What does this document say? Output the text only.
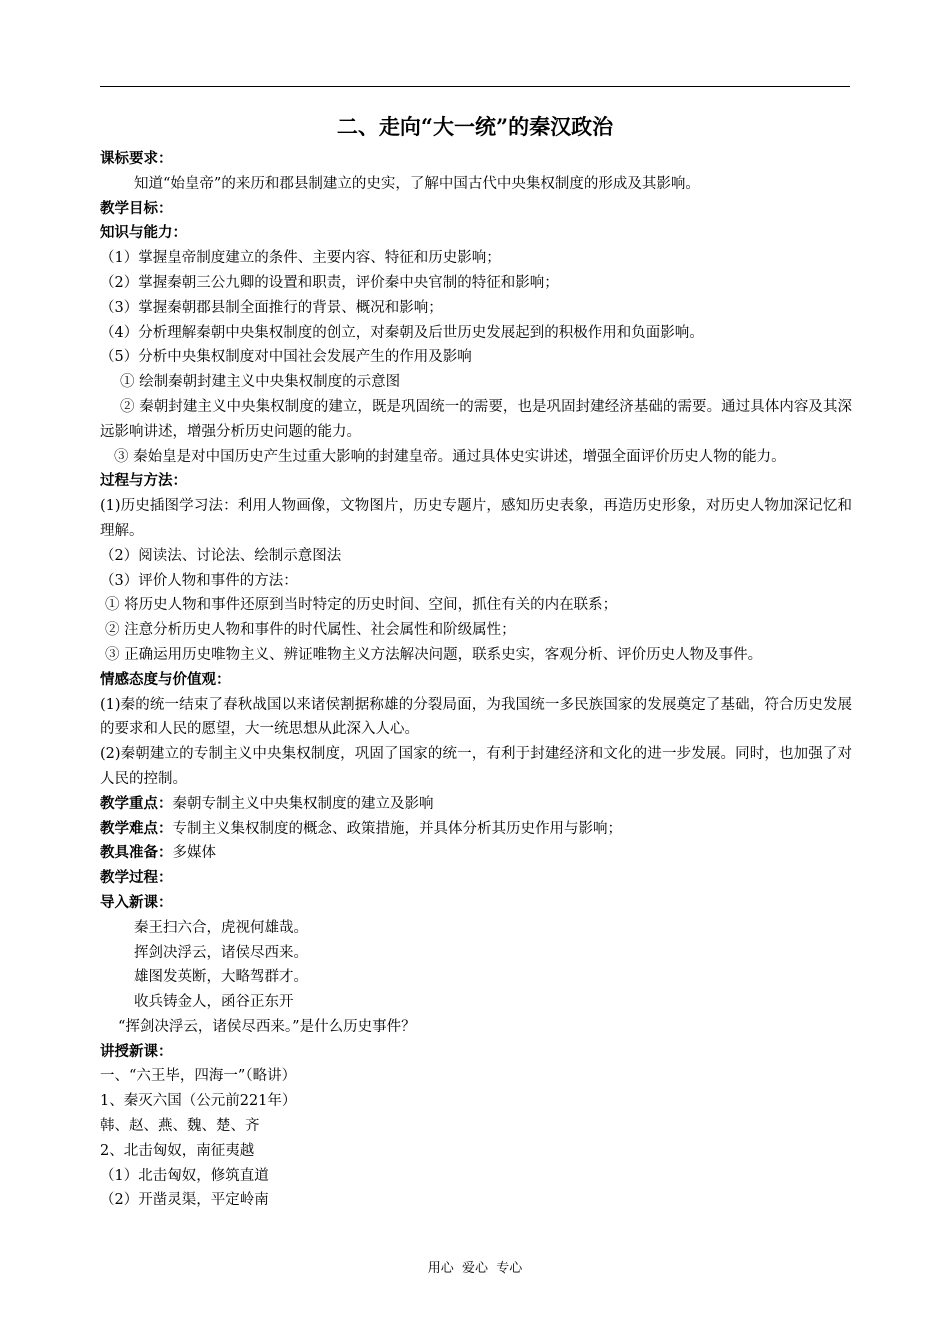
二、走向“大一统”的秦汉政治

课标要求：

知道“始皇帝”的来历和郡县制建立的史实，了解中国古代中央集权制度的形成及其影响。

教学目标：

知识与能力：

（1）掌握皇帝制度建立的条件、主要内容、特征和历史影响；

（2）掌握秦朝三公九卿的设置和职责，评价秦中央官制的特征和影响；

（3）掌握秦朝郡县制全面推行的背景、概况和影响；

（4）分析理解秦朝中央集权制度的创立，对秦朝及后世历史发展起到的积极作用和负面影响。

（5）分析中央集权制度对中国社会发展产生的作用及影响

① 绘制秦朝封建主义中央集权制度的示意图

② 秦朝封建主义中央集权制度的建立，既是巩固统一的需要，也是巩固封建经济基础的需要。通过具体内容及其深远影响讲述，增强分析历史问题的能力。

③ 秦始皇是对中国历史产生过重大影响的封建皇帝。通过具体史实讲述，增强全面评价历史人物的能力。

过程与方法：

(1)历史插图学习法：利用人物画像，文物图片，历史专题片，感知历史表象，再造历史形象，对历史人物加深记忆和理解。

（2）阅读法、讨论法、绘制示意图法

（3）评价人物和事件的方法：

① 将历史人物和事件还原到当时特定的历史时间、空间，抓住有关的内在联系；

② 注意分析历史人物和事件的时代属性、社会属性和阶级属性；

③ 正确运用历史唯物主义、辨证唯物主义方法解决问题，联系史实，客观分析、评价历史人物及事件。

情感态度与价值观：

(1)秦的统一结束了春秋战国以来诸侯割据称雄的分裂局面，为我国统一多民族国家的发展奠定了基础，符合历史发展的要求和人民的愿望，大一统思想从此深入人心。

(2)秦朝建立的专制主义中央集权制度，巩固了国家的统一，有利于封建经济和文化的进一步发展。同时，也加强了对人民的控制。

教学重点：秦朝专制主义中央集权制度的建立及影响

教学难点：专制主义集权制度的概念、政策措施，并具体分析其历史作用与影响；

教具准备：多媒体

教学过程：

导入新课：

秦王扫六合，虎视何雄哉。

挥剑决浮云，诸侯尽西来。

雄图发英断，大略驾群才。

收兵铸金人，函谷正东开

“挥剑决浮云，诸侯尽西来。”是什么历史事件？

讲授新课：

一、“六王毕，四海一”（略讲）

1、秦灭六国（公元前221年）

韩、赵、燕、魏、楚、齐

2、北击匈奴，南征夷越

（1）北击匈奴，修筑直道

（2）开凿灵渠，平定岭南

用心  爱心  专心
